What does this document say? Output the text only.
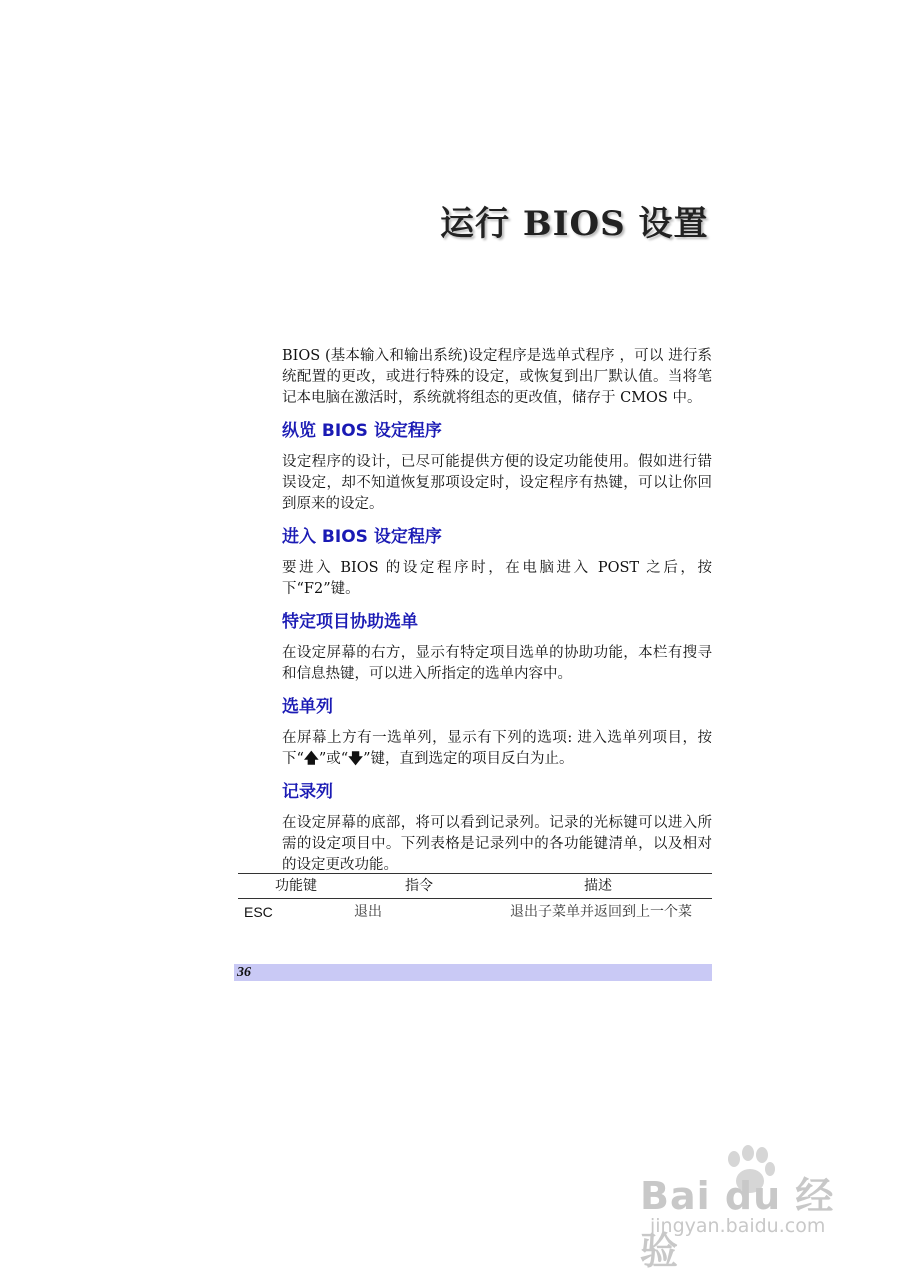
运行 BIOS 设置

BIOS (基本输入和输出系统)设定程序是选单式程序 ，可以 进行系统配置的更改，或进行特殊的设定，或恢复到出厂默认值。当将笔记本电脑在激活时，系统就将组态的更改值，储存于 CMOS 中。

纵览 BIOS 设定程序

设定程序的设计，已尽可能提供方便的设定功能使用。假如进行错误设定，却不知道恢复那项设定时，设定程序有热键，可以让你回到原来的设定。

进入 BIOS 设定程序

要进入 BIOS 的设定程序时，在电脑进入 POST 之后，按下“F2”键。

特定项目协助选单

在设定屏幕的右方，显示有特定项目选单的协助功能，本栏有搜寻和信息热键，可以进入所指定的选单内容中。

选单列

在屏幕上方有一选单列，显示有下列的选项: 进入选单列项目，按下“🡅”或“🡇”键，直到选定的项目反白为止。

记录列

在设定屏幕的底部，将可以看到记录列。记录的光标键可以进入所需的设定项目中。下列表格是记录列中的各功能键清单，以及相对的设定更改功能。

功能键	指令	描述
ESC	退出	退出子菜单并返回到上一个菜
36
Bai du 经验
jingyan.baidu.com
